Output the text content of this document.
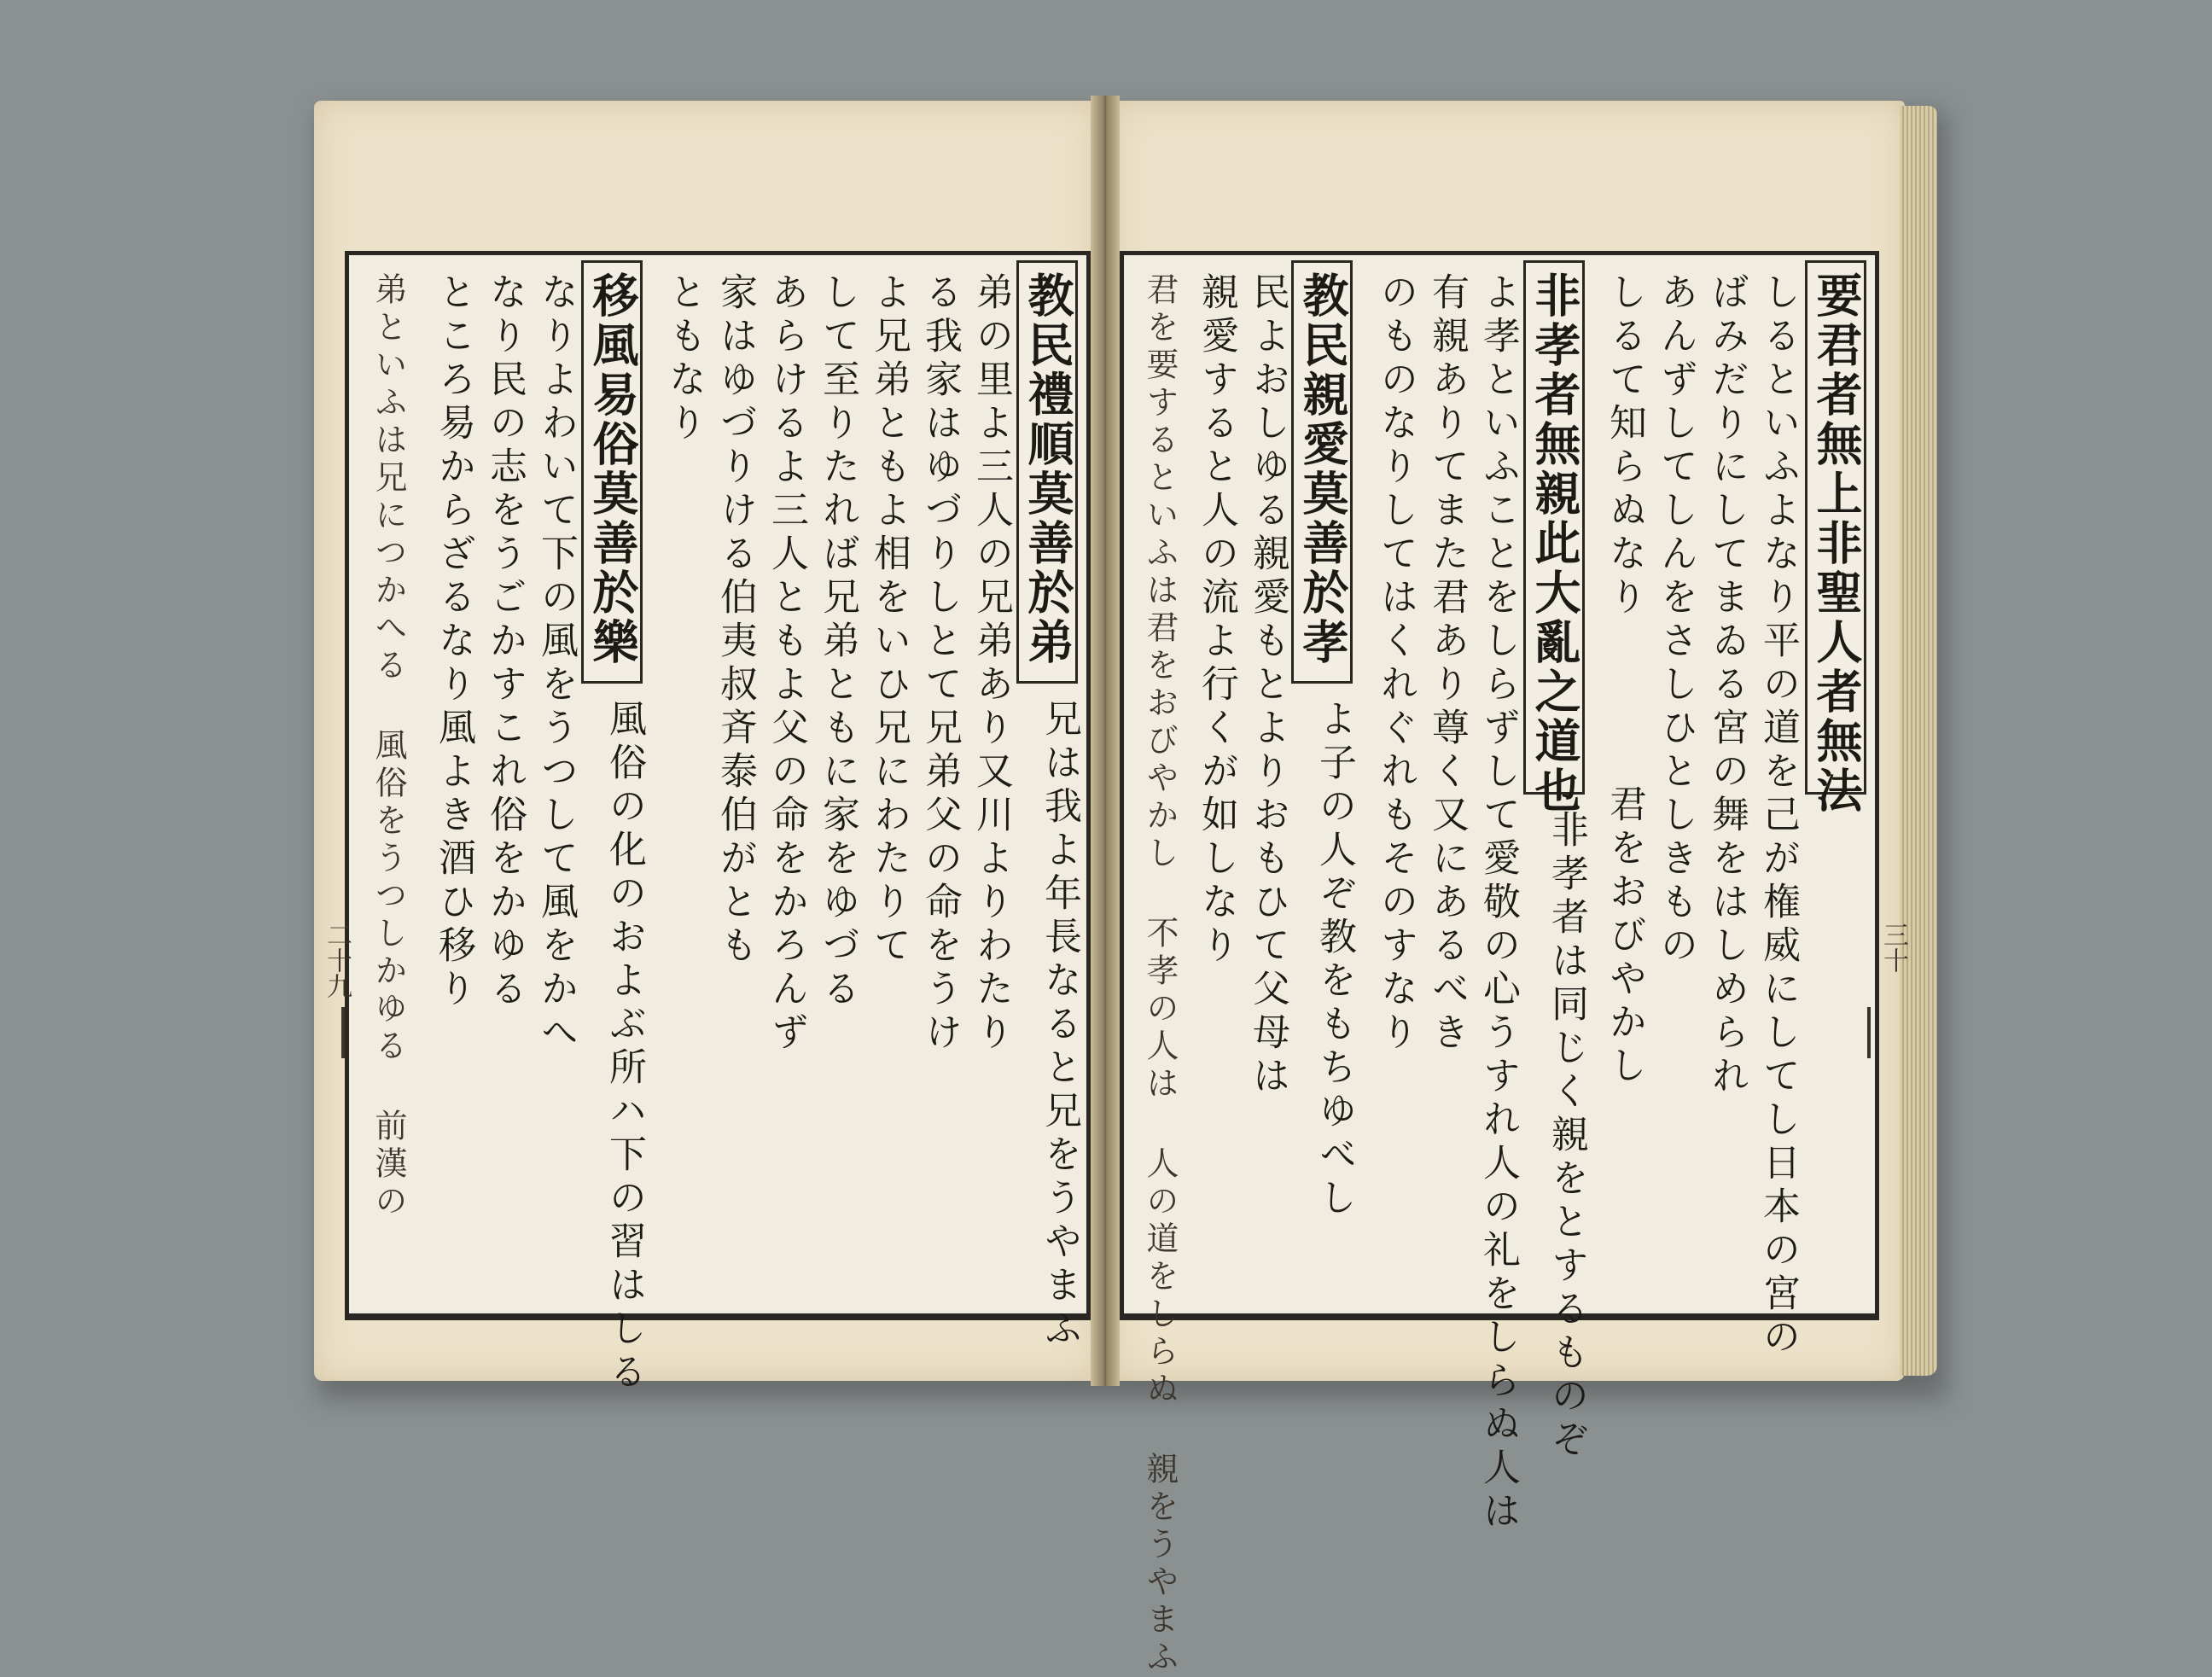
要君者無上非聖人者無法
しるといふよなり平の道を己が権威にしてし日本の宮の
ばみだりにしてまゐる宮の舞をはしめられ
あんずしてしんをさしひとしきもの
しるて知らぬなり
君をおびやかし
非孝者無親此大亂之道也
非孝者は同じく親をとするものぞ
よ孝といふことをしらずして愛敬の心うすれ人の礼をしらぬ人は
有親ありてまた君あり尊く又にあるべき
のものなりしてはくれぐれもそのすなり
教民親愛莫善於孝
よ子の人ぞ教をもちゆべし
民よおしゆる親愛もとよりおもひて父母は
親愛すると人の流よ行くが如しなり
君を要するといふは君をおびやかし 不孝の人は 人の道をしらぬ 親をうやまふ	三十
教民禮順莫善於弟
兄は我よ年長なると兄をうやまふ
弟の里よ三人の兄弟あり又川よりわたり
る我家はゆづりしとて兄弟父の命をうけ
よ兄弟ともよ相をいひ兄にわたりて
して至りたれば兄弟ともに家をゆづる
あらけるよ三人ともよ父の命をかろんず
家はゆづりける伯夷叔斉泰伯がとも
ともなり
移風易俗莫善於樂
風俗の化のおよぶ所ハ下の習はしる
なりよわいて下の風をうつして風をかへ
なり民の志をうごかすこれ俗をかゆる
ところ易からざるなり風よき酒ひ移り
弟といふは兄につかへる 風俗をうつしかゆる 前漢の
二十九
